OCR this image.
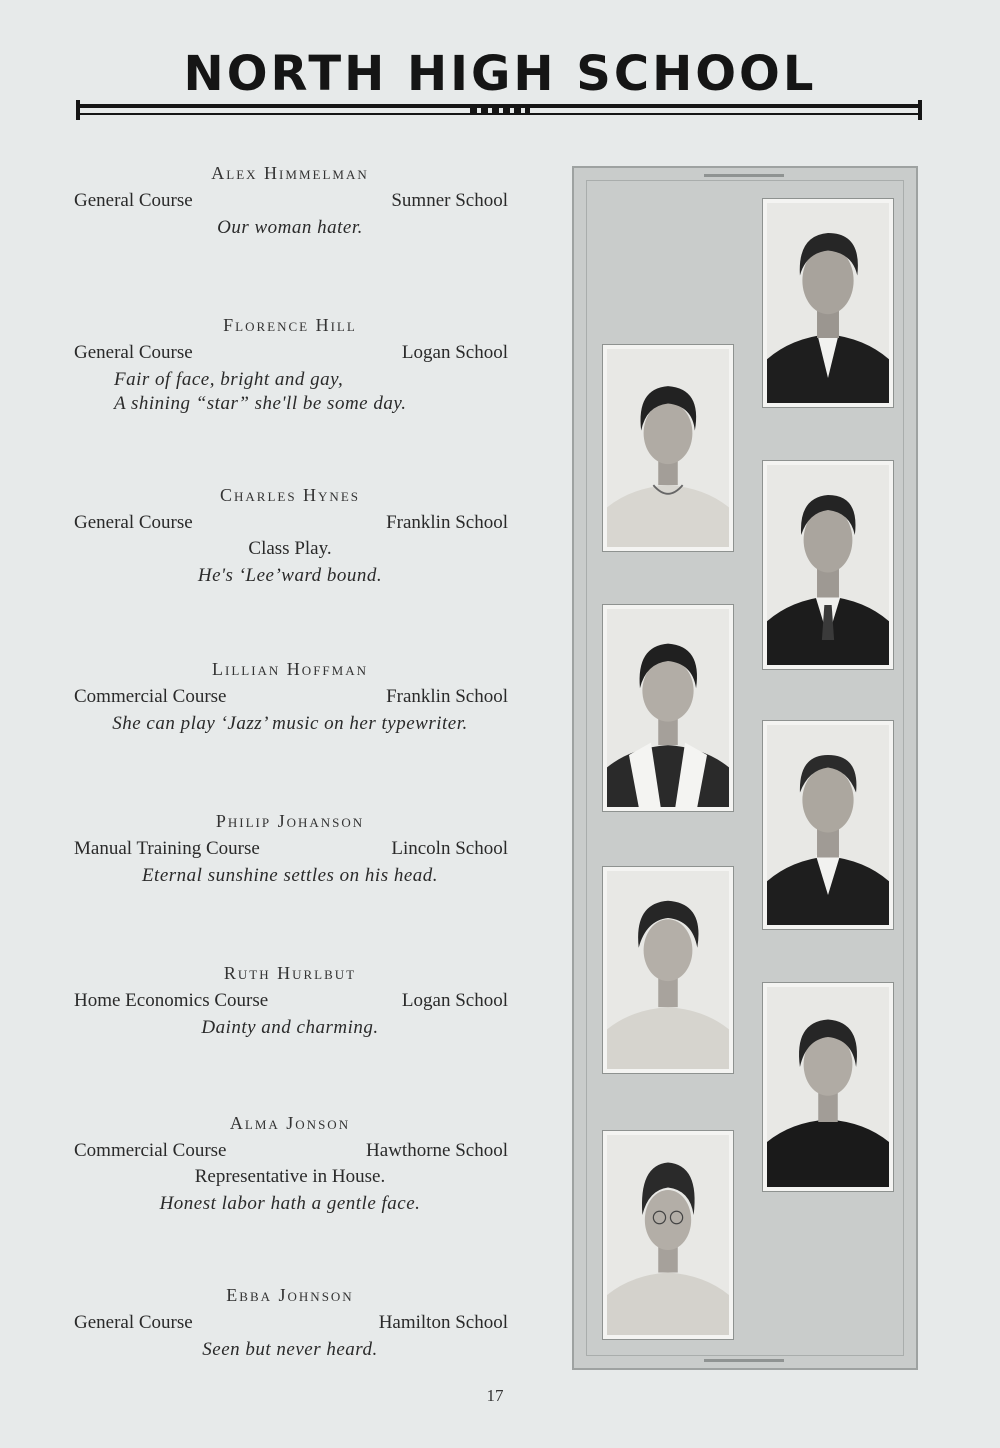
NORTH HIGH SCHOOL
Alex Himmelman
General Course	Sumner School
Our woman hater.
Florence Hill
General Course	Logan School
Fair of face, bright and gay,
A shining “star” she'll be some day.
Charles Hynes
General Course	Franklin School
Class Play.
He's ‘Lee’ward bound.
Lillian Hoffman
Commercial Course	Franklin School
She can play ‘Jazz’ music on her typewriter.
Philip Johanson
Manual Training Course	Lincoln School
Eternal sunshine settles on his head.
Ruth Hurlbut
Home Economics Course	Logan School
Dainty and charming.
Alma Jonson
Commercial Course	Hawthorne School
Representative in House.
Honest labor hath a gentle face.
Ebba Johnson
General Course	Hamilton School
Seen but never heard.
17
